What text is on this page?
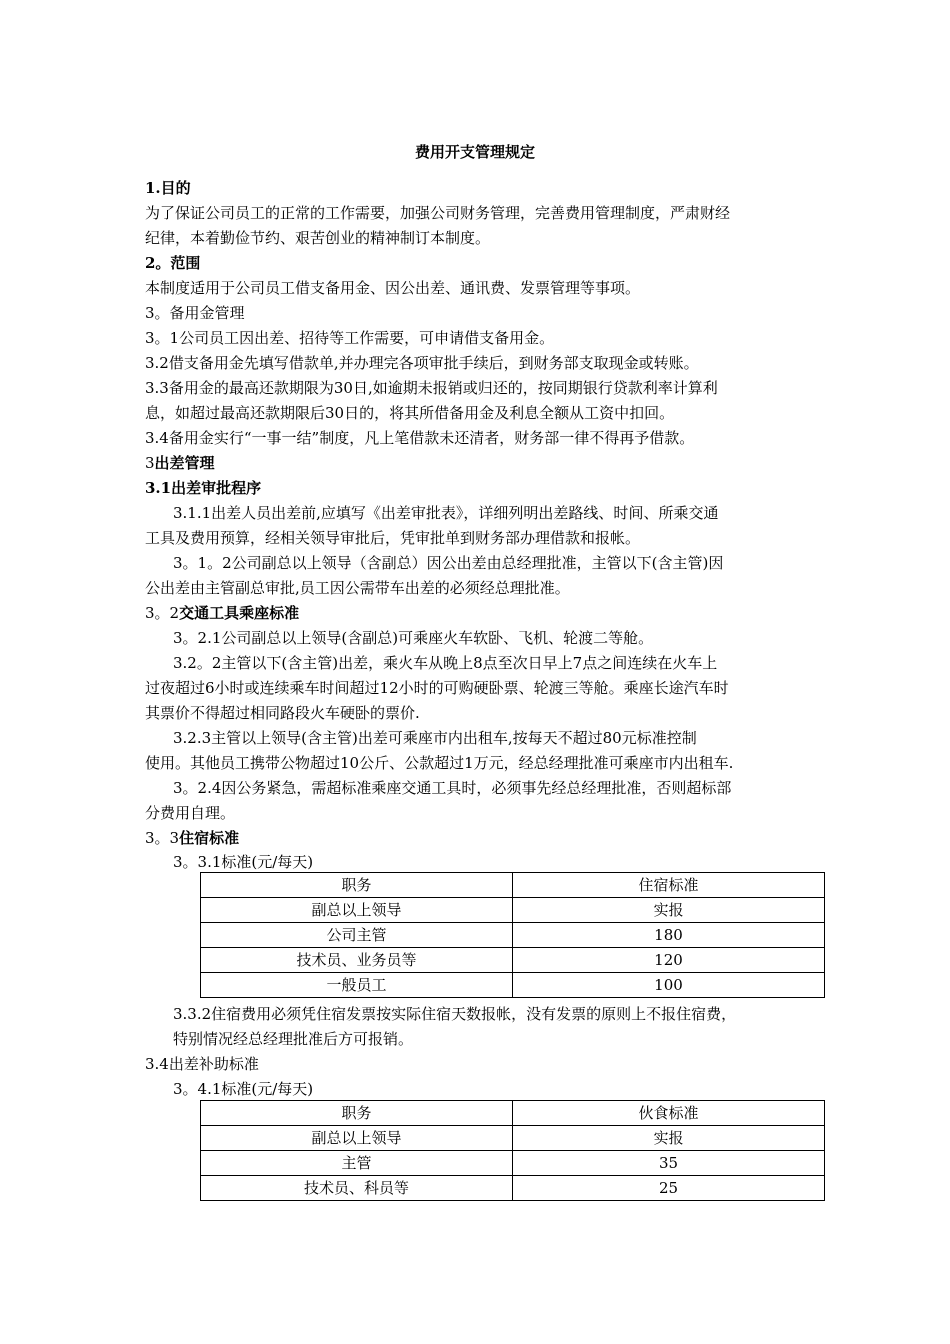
费用开支管理规定
1.目的
为了保证公司员工的正常的工作需要，加强公司财务管理，完善费用管理制度，严肃财经
纪律，本着勤俭节约、艰苦创业的精神制订本制度。
2。范围
本制度适用于公司员工借支备用金、因公出差、通讯费、发票管理等事项。
3。备用金管理
3。1公司员工因出差、招待等工作需要，可申请借支备用金。
3.2借支备用金先填写借款单,并办理完各项审批手续后，到财务部支取现金或转账。
3.3备用金的最高还款期限为30日,如逾期未报销或归还的，按同期银行贷款利率计算利
息，如超过最高还款期限后30日的，将其所借备用金及利息全额从工资中扣回。
3.4备用金实行“一事一结”制度，凡上笔借款未还清者，财务部一律不得再予借款。
3出差管理
3.1出差审批程序
3.1.1出差人员出差前,应填写《出差审批表》，详细列明出差路线、时间、所乘交通
工具及费用预算，经相关领导审批后，凭审批单到财务部办理借款和报帐。
3。1。2公司副总以上领导（含副总）因公出差由总经理批准，主管以下(含主管)因
公出差由主管副总审批,员工因公需带车出差的必须经总理批准。
3。2交通工具乘座标准
3。2.1公司副总以上领导(含副总)可乘座火车软卧、飞机、轮渡二等舱。
3.2。2主管以下(含主管)出差，乘火车从晚上8点至次日早上7点之间连续在火车上
过夜超过6小时或连续乘车时间超过12小时的可购硬卧票、轮渡三等舱。乘座长途汽车时
其票价不得超过相同路段火车硬卧的票价.
3.2.3主管以上领导(含主管)出差可乘座市内出租车,按每天不超过80元标准控制
使用。其他员工携带公物超过10公斤、公款超过1万元，经总经理批准可乘座市内出租车.
3。2.4因公务紧急，需超标准乘座交通工具时，必须事先经总经理批准，否则超标部
分费用自理。
3。3住宿标准
3。3.1标准(元/每天)
职务	住宿标准
副总以上领导	实报
公司主管	180
技术员、业务员等	120
一般员工	100
3.3.2住宿费用必须凭住宿发票按实际住宿天数报帐，没有发票的原则上不报住宿费，
特别情况经总经理批准后方可报销。
3.4出差补助标准
3。4.1标准(元/每天)
职务	伙食标准
副总以上领导	实报
主管	35
技术员、科员等	25
